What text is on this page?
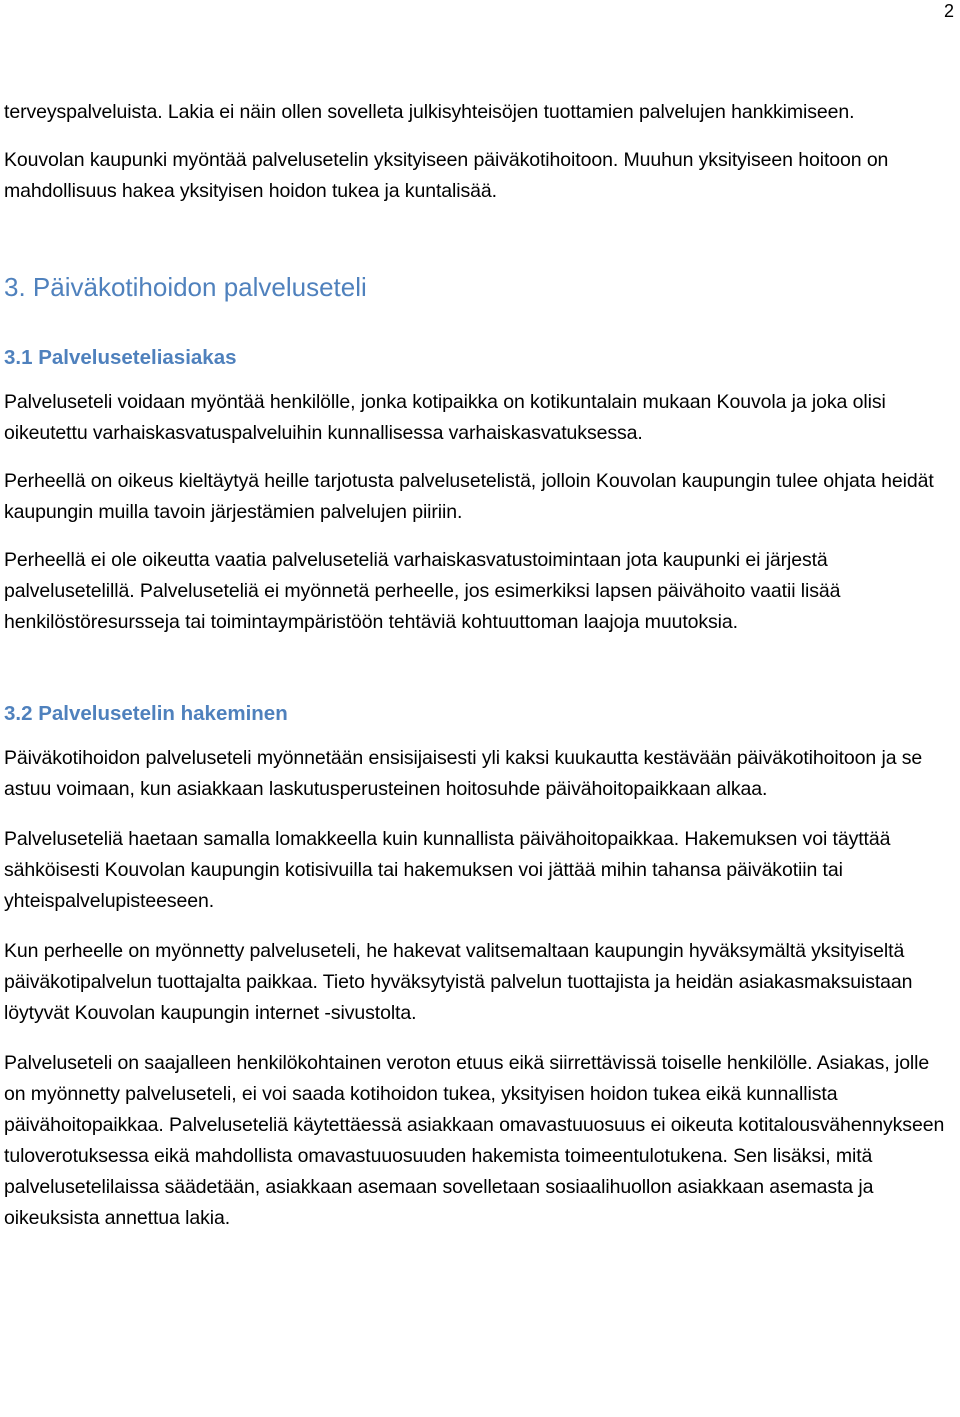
2

terveyspalveluista. Lakia ei näin ollen sovelleta julkisyhteisöjen tuottamien palvelujen hankkimiseen.

Kouvolan kaupunki myöntää palvelusetelin yksityiseen päiväkotihoitoon. Muuhun yksityiseen hoitoon on mahdollisuus hakea yksityisen hoidon tukea ja kuntalisää.

3. Päiväkotihoidon palveluseteli
3.1 Palveluseteliasiakas

Palveluseteli voidaan myöntää henkilölle, jonka kotipaikka on kotikuntalain mukaan Kouvola ja joka olisi oikeutettu varhaiskasvatuspalveluihin kunnallisessa varhaiskasvatuksessa.

Perheellä on oikeus kieltäytyä heille tarjotusta palvelusetelistä, jolloin Kouvolan kaupungin tulee ohjata heidät kaupungin muilla tavoin järjestämien palvelujen piiriin.

Perheellä ei ole oikeutta vaatia palveluseteliä varhaiskasvatustoimintaan jota kaupunki ei järjestä palvelusetelillä. Palveluseteliä ei myönnetä perheelle, jos esimerkiksi lapsen päivähoito vaatii lisää henkilöstöresursseja tai toimintaympäristöön tehtäviä kohtuuttoman laajoja muutoksia.

3.2 Palvelusetelin hakeminen

Päiväkotihoidon palveluseteli myönnetään ensisijaisesti yli kaksi kuukautta kestävään päiväkotihoitoon ja se astuu voimaan, kun asiakkaan laskutusperusteinen hoitosuhde päivähoitopaikkaan alkaa.

Palveluseteliä haetaan samalla lomakkeella kuin kunnallista päivähoitopaikkaa. Hakemuksen voi täyttää sähköisesti Kouvolan kaupungin kotisivuilla tai hakemuksen voi jättää mihin tahansa päiväkotiin tai yhteispalvelupisteeseen.

Kun perheelle on myönnetty palveluseteli, he hakevat valitsemaltaan kaupungin hyväksymältä yksityiseltä päiväkotipalvelun tuottajalta paikkaa. Tieto hyväksytyistä palvelun tuottajista ja heidän asiakasmaksuistaan löytyvät Kouvolan kaupungin internet -sivustolta.

Palveluseteli on saajalleen henkilökohtainen veroton etuus eikä siirrettävissä toiselle henkilölle. Asiakas, jolle on myönnetty palveluseteli, ei voi saada kotihoidon tukea, yksityisen hoidon tukea eikä kunnallista päivähoitopaikkaa. Palveluseteliä käytettäessä asiakkaan omavastuuosuus ei oikeuta kotitalousvähennykseen tuloverotuksessa eikä mahdollista omavastuuosuuden hakemista toimeentulotukena. Sen lisäksi, mitä palvelusetelilaissa säädetään, asiakkaan asemaan sovelletaan sosiaalihuollon asiakkaan asemasta ja oikeuksista annettua lakia.
